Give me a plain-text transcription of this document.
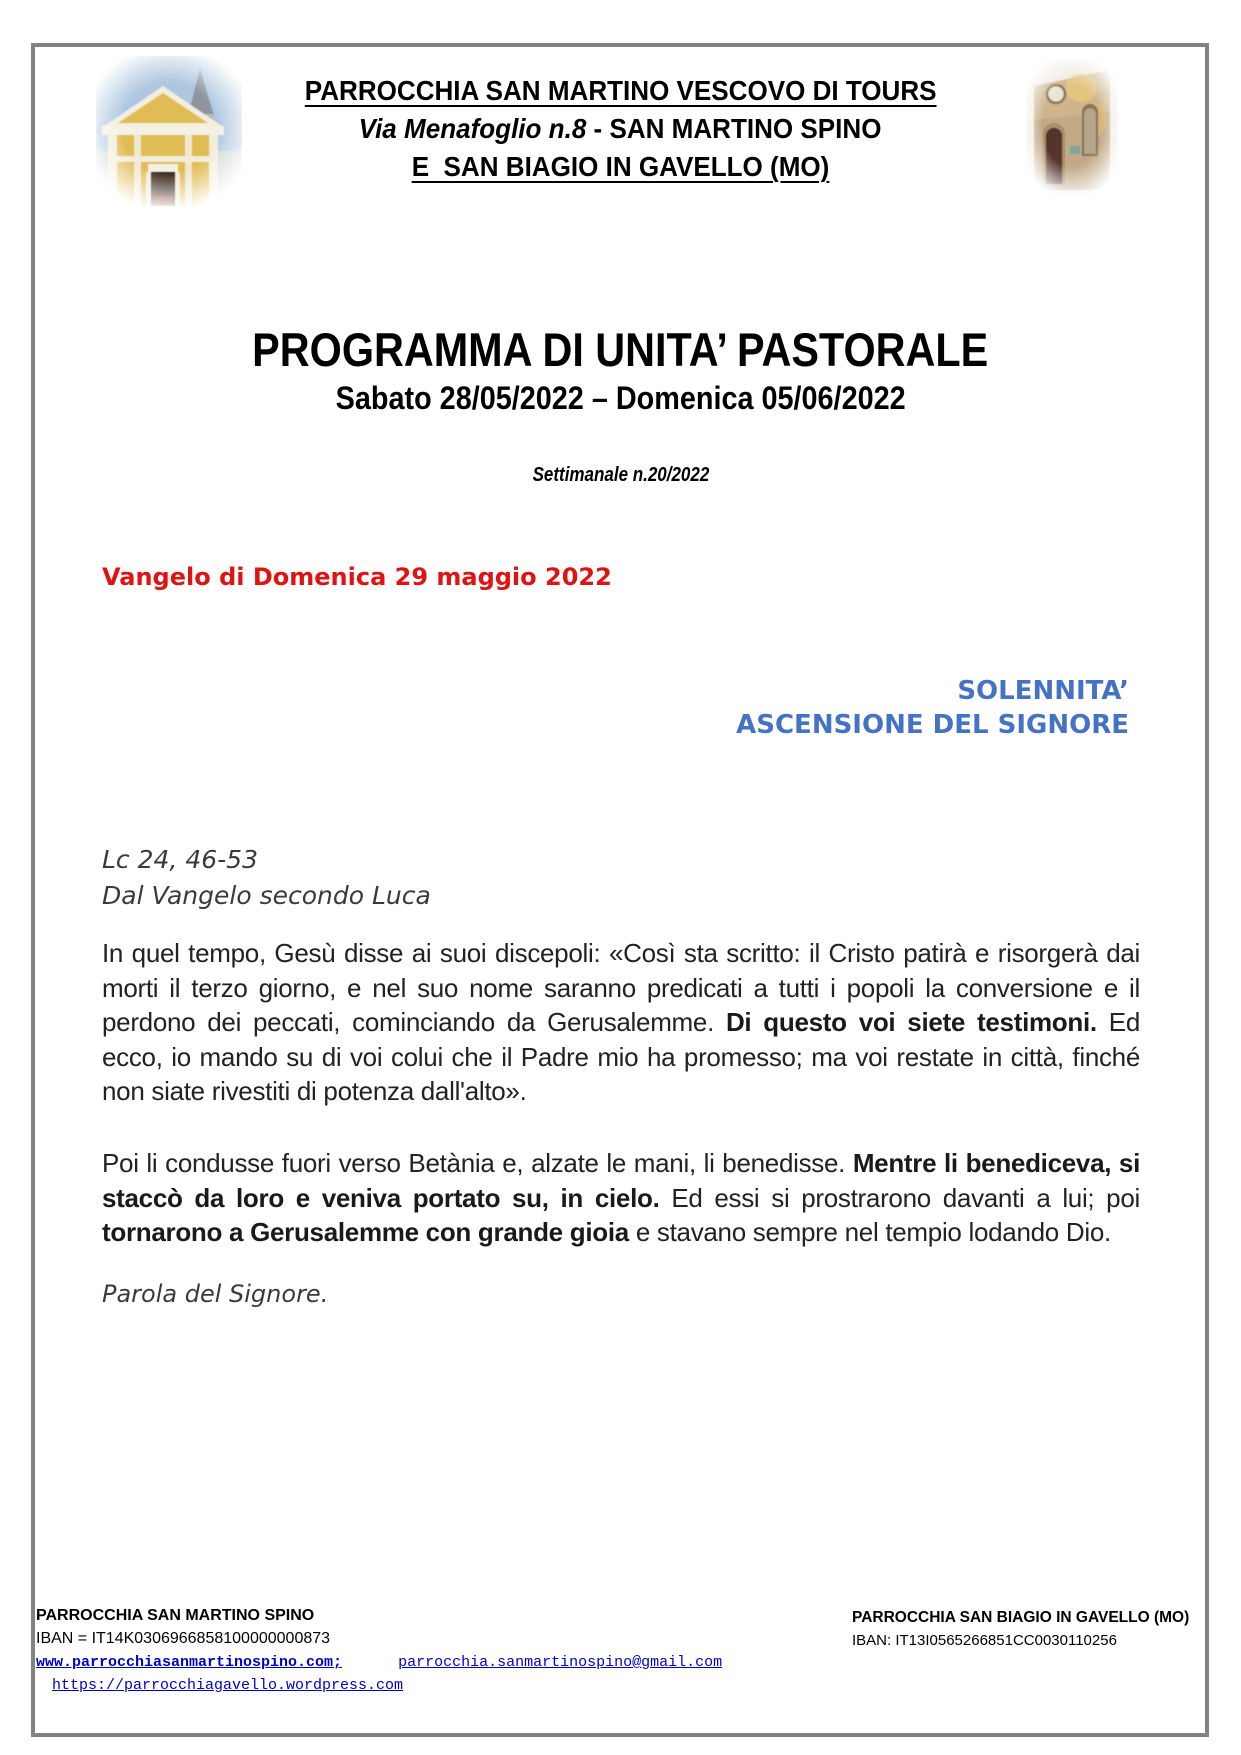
PARROCCHIA SAN MARTINO VESCOVO DI TOURS
Via Menafoglio n.8 - SAN MARTINO SPINO
E  SAN BIAGIO IN GAVELLO (MO)
PROGRAMMA DI UNITA’ PASTORALE
Sabato 28/05/2022 – Domenica 05/06/2022
Settimanale n.20/2022
Vangelo di Domenica 29 maggio 2022
SOLENNITA’
ASCENSIONE DEL SIGNORE
Lc 24, 46-53
Dal Vangelo secondo Luca

In quel tempo, Gesù disse ai suoi discepoli: «Così sta scritto: il Cristo patirà e risorgerà dai morti il terzo giorno, e nel suo nome saranno predicati a tutti i popoli la conversione e il perdono dei peccati, cominciando da Gerusalemme. Di questo voi siete testimoni. Ed ecco, io mando su di voi colui che il Padre mio ha promesso; ma voi restate in città, finché non siate rivestiti di potenza dall'alto».

Poi li condusse fuori verso Betània e, alzate le mani, li benedisse. Mentre li benediceva, si staccò da loro e veniva portato su, in cielo. Ed essi si prostrarono davanti a lui; poi tornarono a Gerusalemme con grande gioia e stavano sempre nel tempio lodando Dio.

Parola del Signore.
PARROCCHIA SAN MARTINO SPINO
IBAN = IT14K0306966858100000000873
www.parrocchiasanmartinospino.com;	parrocchia.sanmartinospino@gmail.com
https://parrocchiagavello.wordpress.com
PARROCCHIA SAN BIAGIO IN GAVELLO (MO)
IBAN: IT13I0565266851CC0030110256
